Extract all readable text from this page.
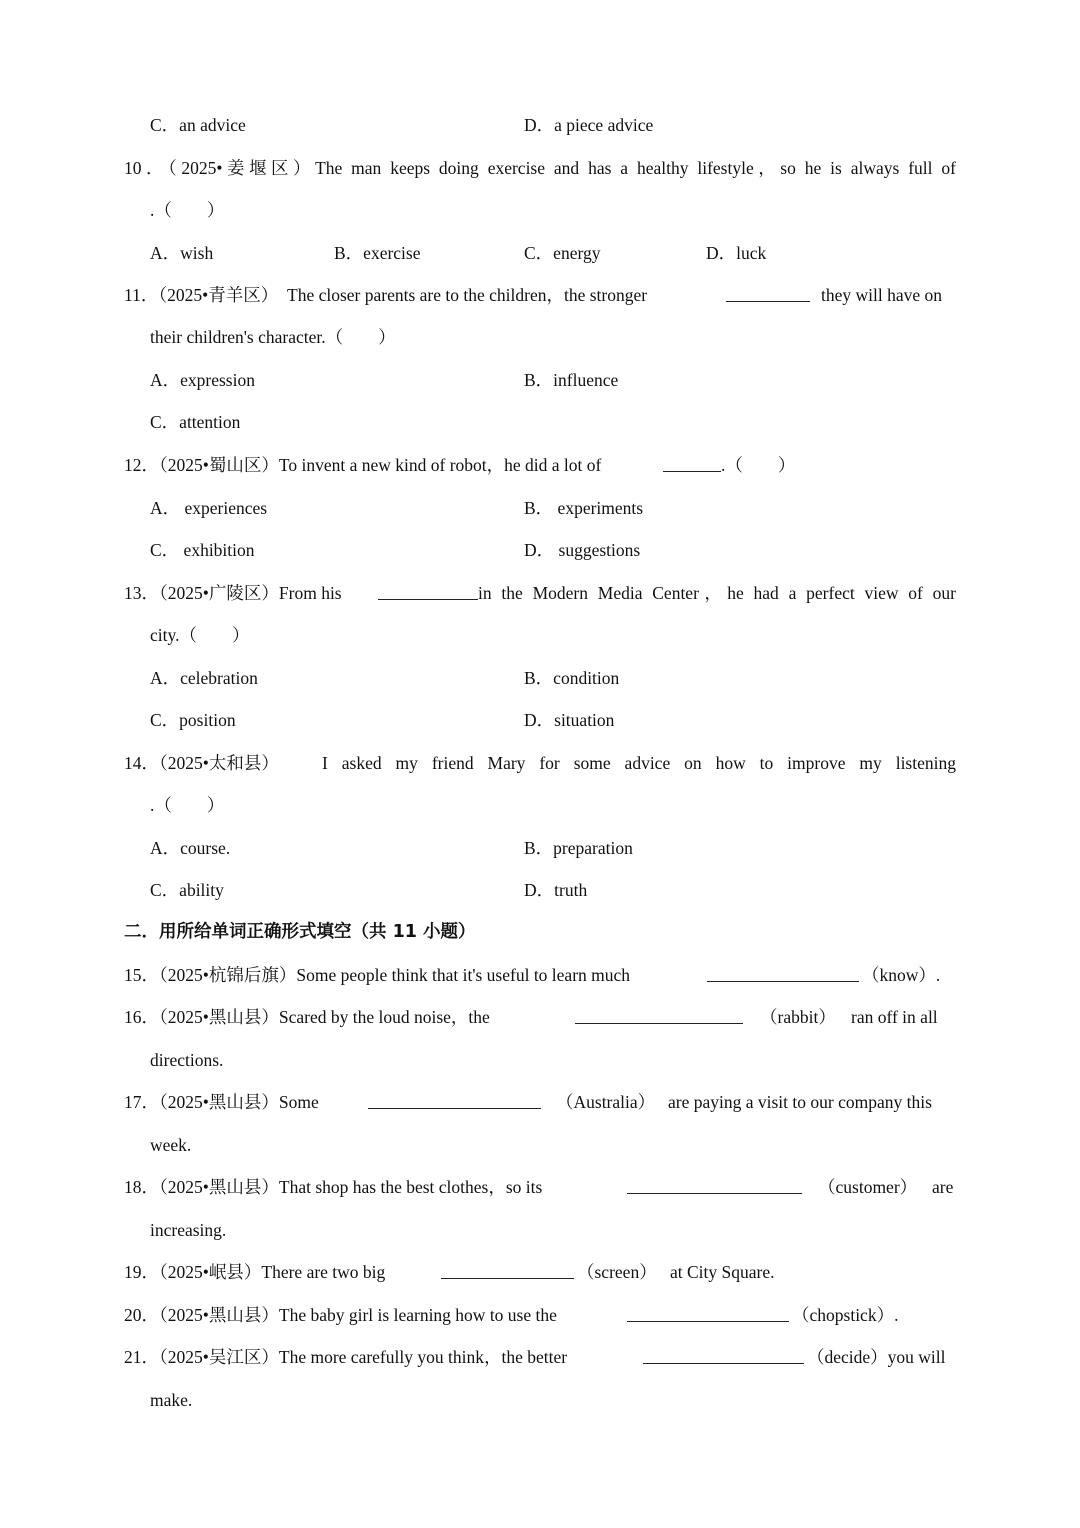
C．an advice	D．a piece advice
10．（2025•姜堰区）The man keeps doing exercise and has a healthy lifestyle，so he is always full of
.（　　）
A．wish	B．exercise	C．energy	D．luck
11．（2025•青羊区） The closer parents are to the children，the stronger	they will have on
their children's character.（　　）
A．expression	B．influence
C．attention
12．（2025•蜀山区）To invent a new kind of robot，he did a lot of	.（　　）
A． experiences	B． experiments
C． exhibition	D． suggestions
13．（2025•广陵区）From his	in the Modern Media Center，he had a perfect view of our
city.（　　）
A．celebration	B．condition
C．position	D．situation
14．（2025•太和县） I asked my friend Mary for some advice on how to improve my listening
.（　　）
A．course.	B．preparation
C．ability	D．truth
二．用所给单词正确形式填空（共 11 小题）
15．（2025•杭锦后旗）Some people think that it's useful to learn much	（know）.
16．（2025•黑山县）Scared by the loud noise，the	（rabbit） ran off in all
directions.
17．（2025•黑山县）Some	（Australia） are paying a visit to our company this
week.
18．（2025•黑山县）That shop has the best clothes，so its	（customer） are
increasing.
19．（2025•岷县）There are two big	（screen） at City Square.
20．（2025•黑山县）The baby girl is learning how to use the	（chopstick）.
21．（2025•吴江区）The more carefully you think，the better	（decide）you will
make.
